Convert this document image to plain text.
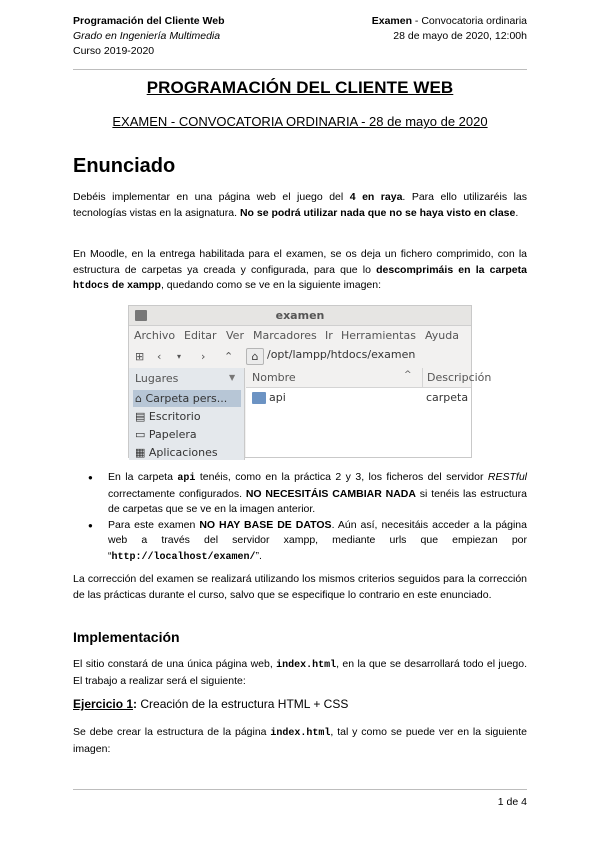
Programación del Cliente Web
Grado en Ingeniería Multimedia
Curso 2019-2020
Examen - Convocatoria ordinaria
28 de mayo de 2020, 12:00h
PROGRAMACIÓN DEL CLIENTE WEB
EXAMEN - CONVOCATORIA ORDINARIA - 28 de mayo de 2020
Enunciado
Debéis implementar en una página web el juego del 4 en raya. Para ello utilizaréis las tecnologías vistas en la asignatura. No se podrá utilizar nada que no se haya visto en clase.
En Moodle, en la entrega habilitada para el examen, se os deja un fichero comprimido, con la estructura de carpetas ya creada y configurada, para que lo descomprimáis en la carpeta htdocs de xampp, quedando como se ve en la siguiente imagen:
examen
Archivo Editar Ver Marcadores Ir Herramientas Ayuda
⊞ ‹ ▾ › ⌃	⌂ /opt/lampp/htdocs/examen
Lugares	▼
⌂ Carpeta pers...
▤ Escritorio
▭ Papelera
▦ Aplicaciones
Nombre	^	Descripción
api	carpeta
● En la carpeta api tenéis, como en la práctica 2 y 3, los ficheros del servidor RESTful correctamente configurados. NO NECESITÁIS CAMBIAR NADA si tenéis las estructura de carpetas que se ve en la imagen anterior.
● Para este examen NO HAY BASE DE DATOS. Aún así, necesitáis acceder a la página web a través del servidor xampp, mediante urls que empiezan por “http://localhost/examen/”.
La corrección del examen se realizará utilizando los mismos criterios seguidos para la corrección de las prácticas durante el curso, salvo que se especifique lo contrario en este enunciado.
Implementación
El sitio constará de una única página web, index.html, en la que se desarrollará todo el juego. El trabajo a realizar será el siguiente:
Ejercicio 1: Creación de la estructura HTML + CSS
Se debe crear la estructura de la página index.html, tal y como se puede ver en la siguiente imagen:
1 de 4
